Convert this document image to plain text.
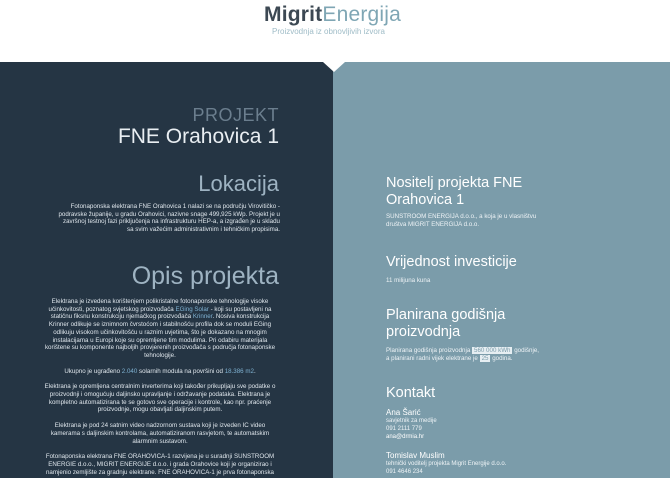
MigritEnergija
Proizvodnja iz obnovljivih izvora
PROJEKT
FNE Orahovica 1
Lokacija
Fotonaponska elektrana FNE Orahovica 1 nalazi se na području Virovitičko - podravske županije, u gradu Orahovici, nazivne snage 499,925 kWp. Projekt je u završnoj testnoj fazi priključenja na infrastrukturu HEP-a, a izgrađen je u skladu sa svim važećim administrativnim i tehničkim propisima.
Opis projekta

Elektrana je izvedena korištenjem polikristalne fotonaponske tehnologije visoke učinkovitosti, poznatog svjetskog proizvođača EGing Solar - koji su postavljeni na statičnu fiksnu konstrukciju njemačkog proizvođača Krinner. Nosiva konstrukcija Krinner odlikuje se iznimnom čvrstoćom i stabilnošću profila dok se moduli EGing odlikuju visokom učinkovitošću u raznim uvjetima, što je dokazano na mnogim instalacijama u Europi koje su opremljene tim modulima. Pri odabiru materijala korištene su komponente najboljih provjerenih proizvođača s područja fotonaponske tehnologije.

Ukupno je ugrađeno 2.040 solarnih modula na površini od 18.386 m2.

Elektrana je opremljena centralnim inverterima koji također prikupljaju sve podatke o proizvodnji i omogućuju daljinsko upravljanje i održavanje podataka. Elektrana je kompletno automatizirana te se gotovo sve operacije i kontrole, kao npr. praćenje proizvodnje, mogu obavljati daljinskim putem.

Elektrana je pod 24 satnim video nadzornom sustava koji je izveden IC video kamerama s daljinskim kontrolama, automatiziranom rasvjetom, te automatskim alarmnim sustavom.

Fotonaponska elektrana FNE ORAHOVICA-1 razvijena je u suradnji SUNSTROOM ENERGIE d.o.o., MIGRIT ENERGIJE d.o.o. i grada Orahovice koji je organizirao i namjenio zemljište za gradnju elektrane. FNE ORAHOVICA-1 je prva fotonaponska

Nositelj projekta FNE
Orahovica 1
SUNSTROOM ENERGIJA d.o.o., a koja je u vlasništvu
društva MIGRIT ENERGIJA d.o.o.
Vrijednost investicije
11 milijuna kuna
Planirana godišnja
proizvodnja
Planirana godišnja proizvodnja 560 000 kWh godišnje,
a planirani radni vijek elektrane je 25 godina.
Kontakt
Ana Šarić
savjetnik za medije
091 2111 779
ana@drmia.hr
Tomislav Muslim
tehnički voditelj projekta Migrit Energije d.o.o.
091 4646 234
